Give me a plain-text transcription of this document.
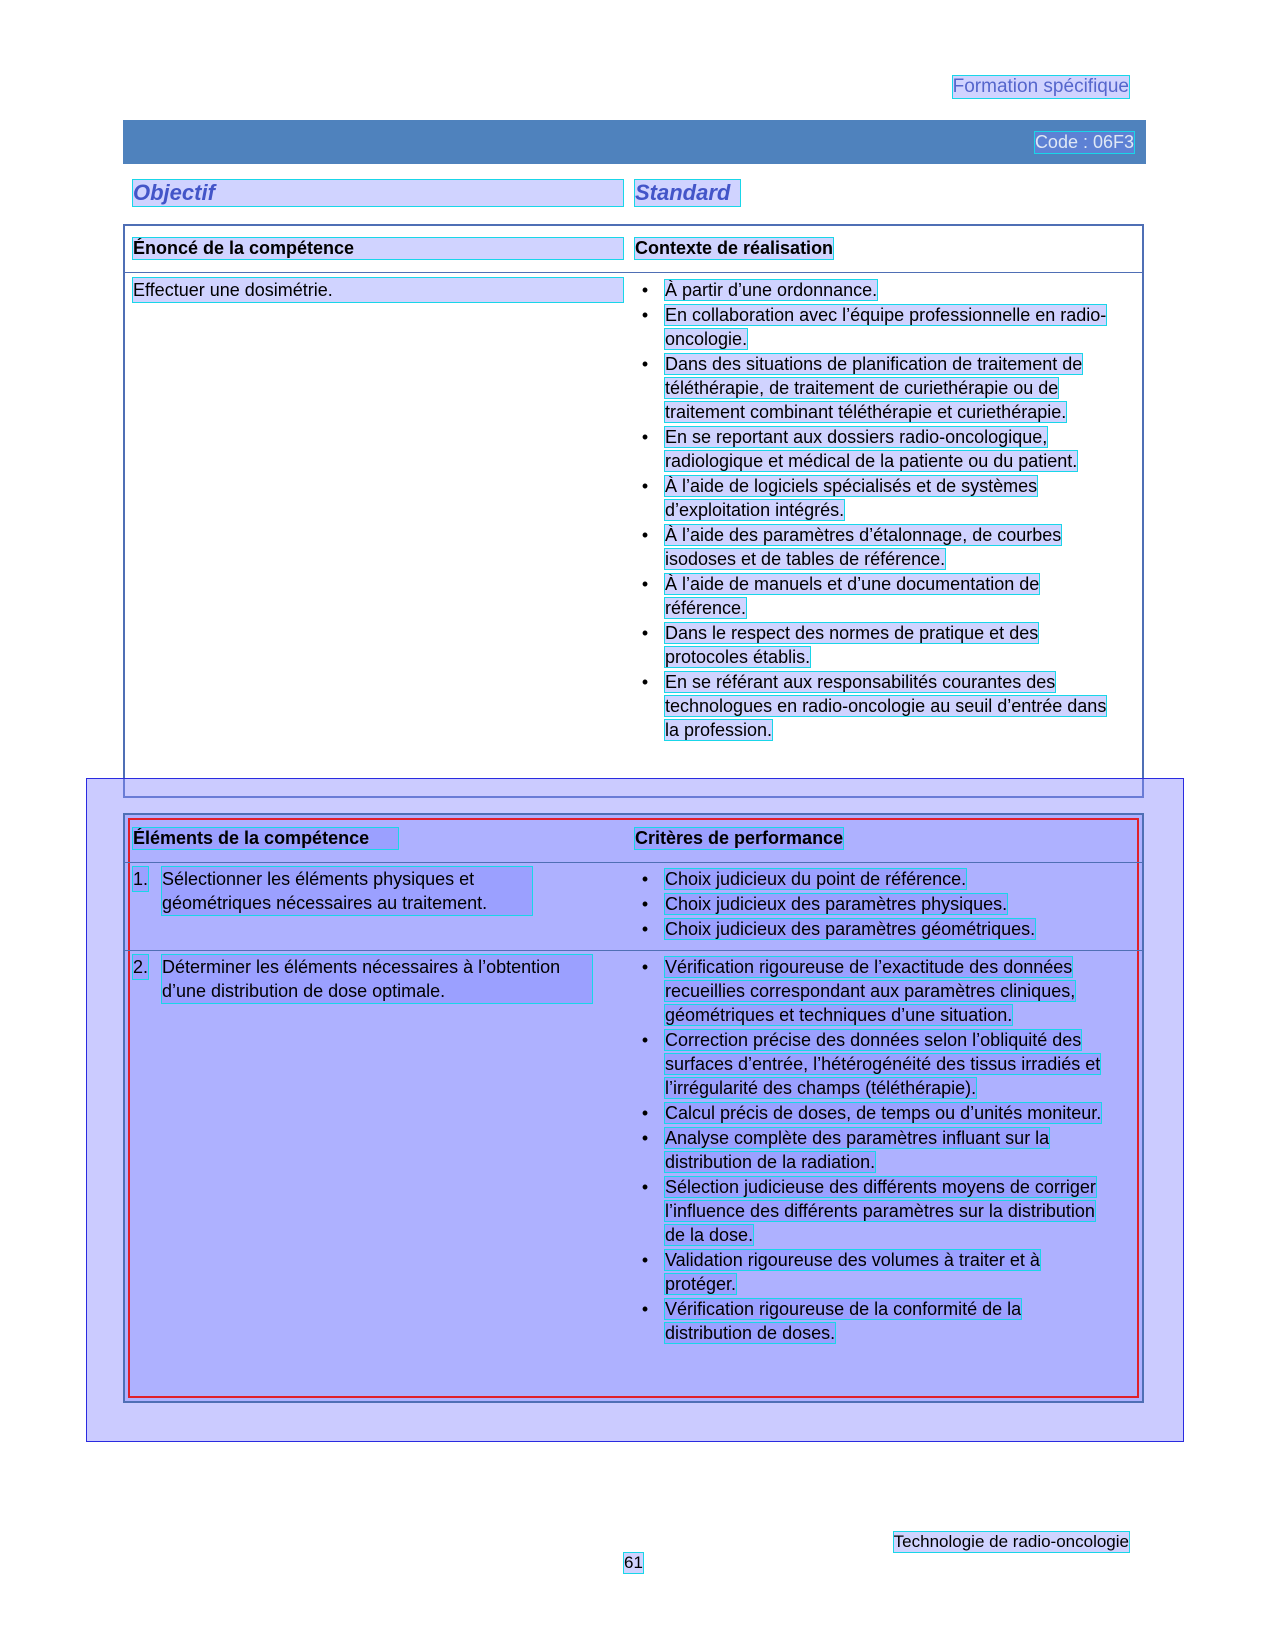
Formation spécifique
Code : 06F3
Objectif	Standard
Énoncé de la compétence	Contexte de réalisation
Effectuer une dosimétrie.	• À partir d’une ordonnance.
• En collaboration avec l’équipe professionnelle en radio-oncologie.
• Dans des situations de planification de traitement de téléthérapie, de traitement de curiethérapie ou de traitement combinant téléthérapie et curiethérapie.
• En se reportant aux dossiers radio-oncologique, radiologique et médical de la patiente ou du patient.
• À l’aide de logiciels spécialisés et de systèmes d’exploitation intégrés.
• À l’aide des paramètres d’étalonnage, de courbes isodoses et de tables de référence.
• À l’aide de manuels et d’une documentation de référence.
• Dans le respect des normes de pratique et des protocoles établis.
• En se référant aux responsabilités courantes des technologues en radio-oncologie au seuil d’entrée dans la profession.
Éléments de la compétence	Critères de performance
1. Sélectionner les éléments physiques et géométriques nécessaires au traitement.
• Choix judicieux du point de référence.
• Choix judicieux des paramètres physiques.
• Choix judicieux des paramètres géométriques.
2. Déterminer les éléments nécessaires à l’obtention d’une distribution de dose optimale.
• Vérification rigoureuse de l’exactitude des données recueillies correspondant aux paramètres cliniques, géométriques et techniques d’une situation.
• Correction précise des données selon l’obliquité des surfaces d’entrée, l’hétérogénéité des tissus irradiés et l’irrégularité des champs (téléthérapie).
• Calcul précis de doses, de temps ou d’unités moniteur.
• Analyse complète des paramètres influant sur la distribution de la radiation.
• Sélection judicieuse des différents moyens de corriger l’influence des différents paramètres sur la distribution de la dose.
• Validation rigoureuse des volumes à traiter et à protéger.
• Vérification rigoureuse de la conformité de la distribution de doses.
Technologie de radio-oncologie
61
